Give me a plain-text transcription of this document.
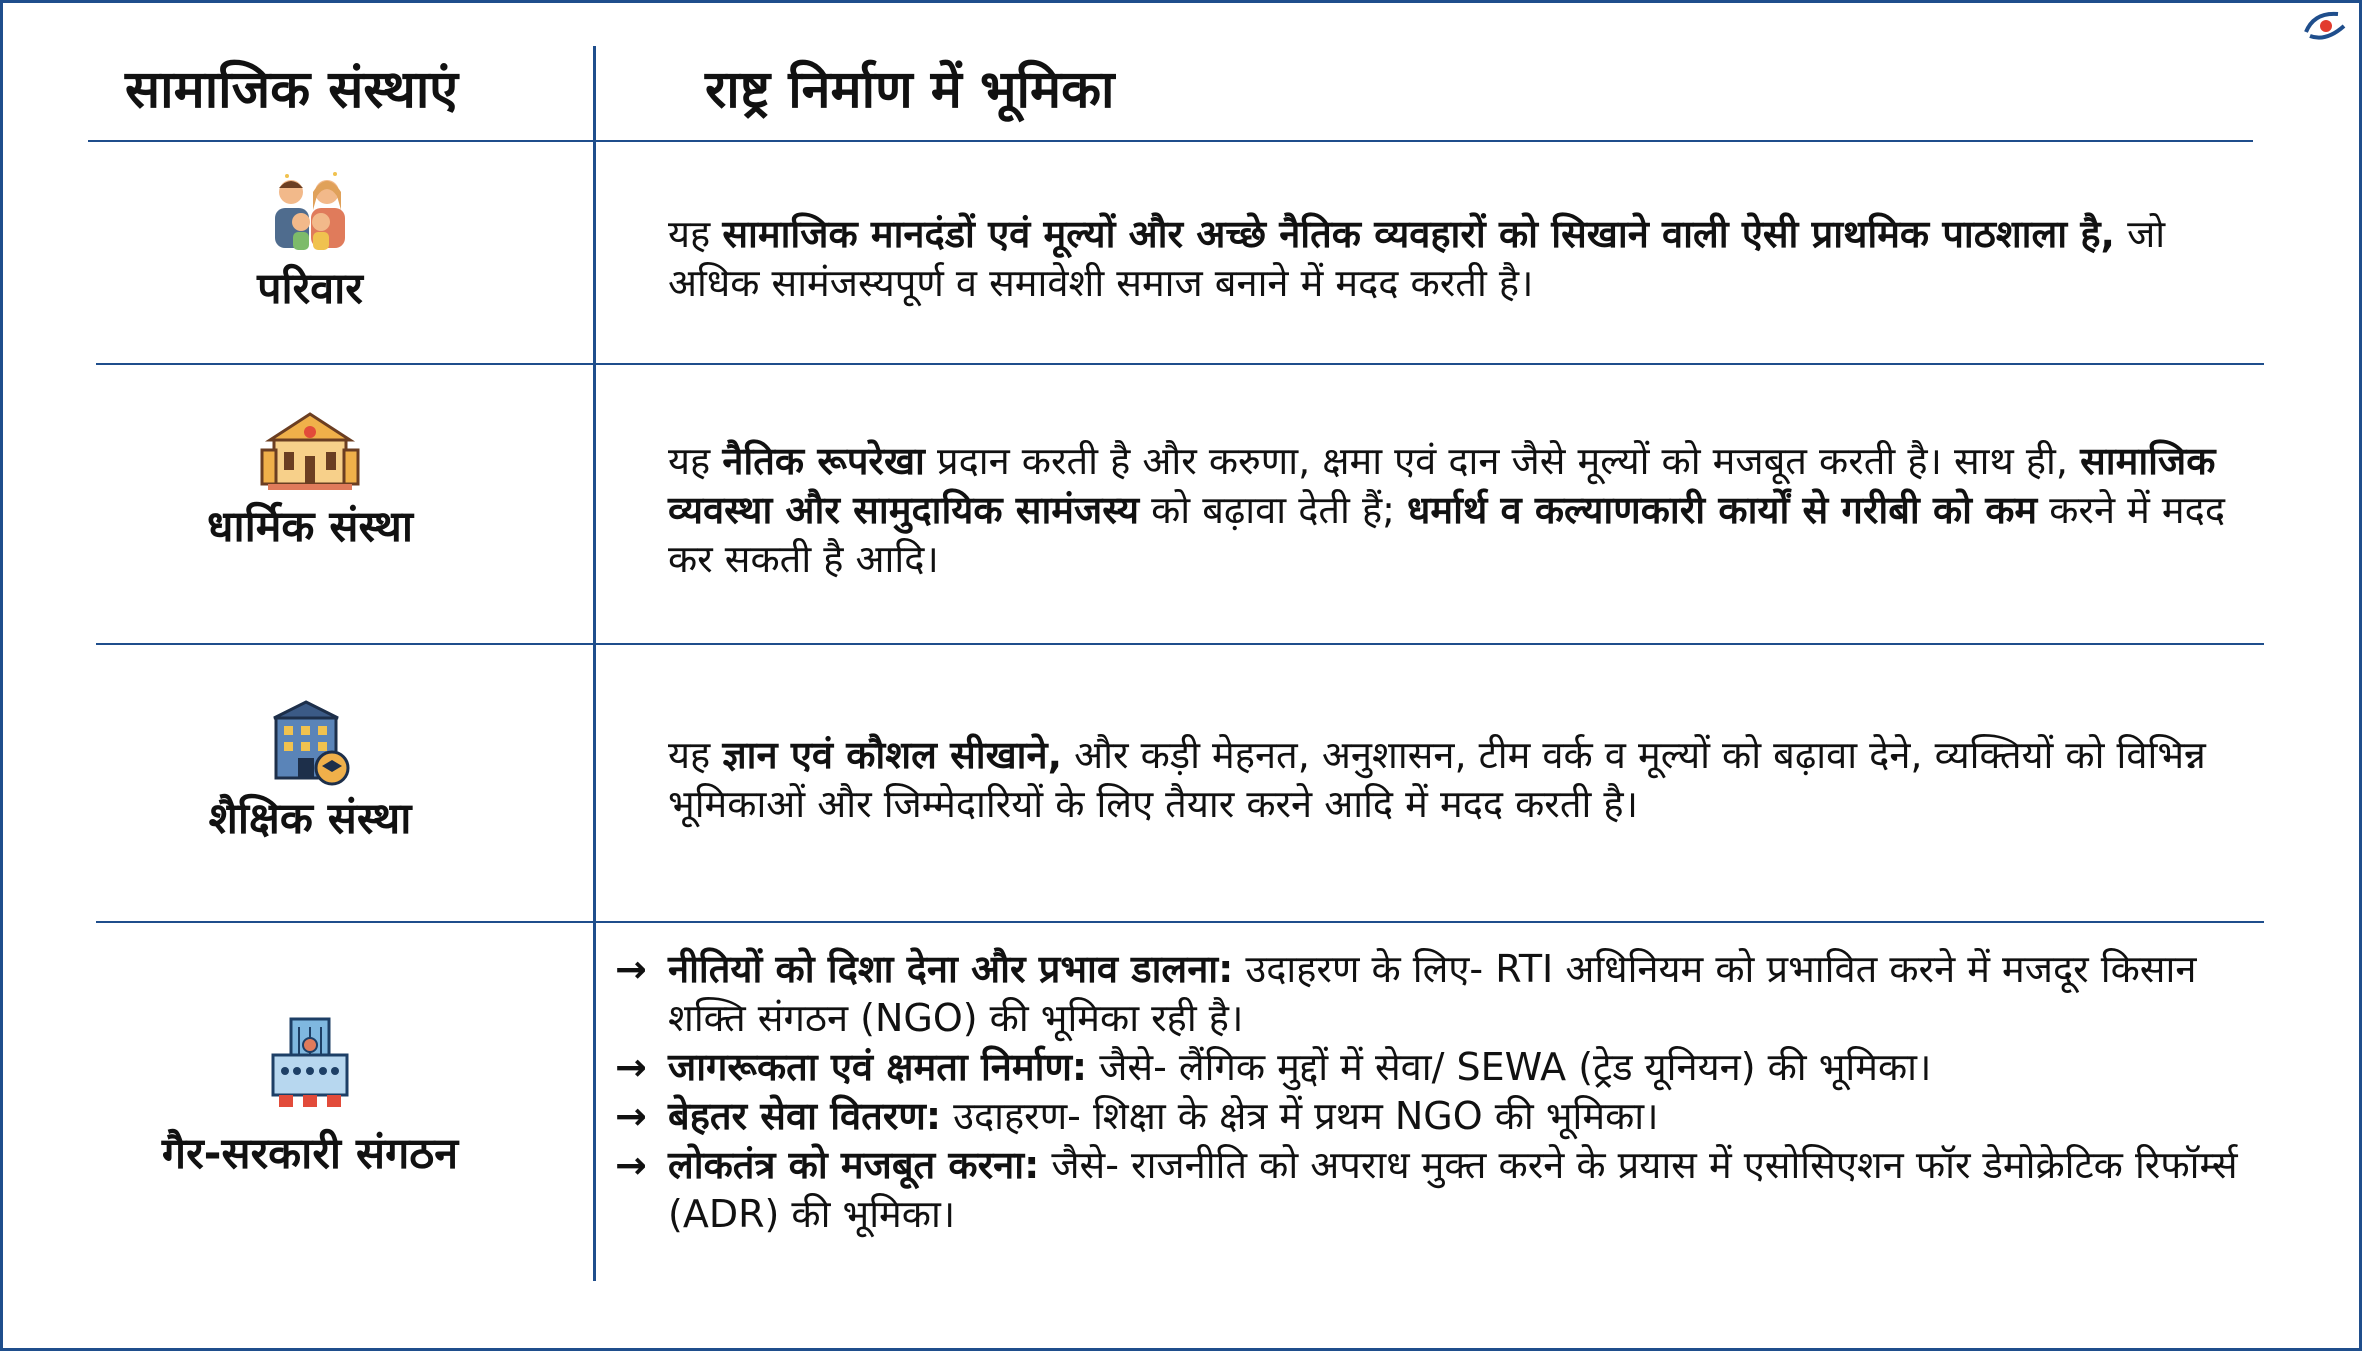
सामाजिक संस्थाएं	राष्ट्र निर्माण में भूमिका
परिवार
यह सामाजिक मानदंडों एवं मूल्यों और अच्छे नैतिक व्यवहारों को सिखाने वाली ऐसी प्राथमिक पाठशाला है, जो अधिक सामंजस्यपूर्ण व समावेशी समाज बनाने में मदद करती है।
धार्मिक संस्था
यह नैतिक रूपरेखा प्रदान करती है और करुणा, क्षमा एवं दान जैसे मूल्यों को मजबूत करती है। साथ ही, सामाजिक व्यवस्था और सामुदायिक सामंजस्य को बढ़ावा देती हैं; धर्मार्थ व कल्याणकारी कार्यों से गरीबी को कम करने में मदद कर सकती है आदि।
शैक्षिक संस्था
यह ज्ञान एवं कौशल सीखाने, और कड़ी मेहनत, अनुशासन, टीम वर्क व मूल्यों को बढ़ावा देने, व्यक्तियों को विभिन्न भूमिकाओं और जिम्मेदारियों के लिए तैयार करने आदि में मदद करती है।
गैर-सरकारी संगठन
→ नीतियों को दिशा देना और प्रभाव डालना: उदाहरण के लिए- RTI अधिनियम को प्रभावित करने में मजदूर किसान शक्ति संगठन (NGO) की भूमिका रही है।
→ जागरूकता एवं क्षमता निर्माण: जैसे- लैंगिक मुद्दों में सेवा/ SEWA (ट्रेड यूनियन) की भूमिका।
→ बेहतर सेवा वितरण: उदाहरण- शिक्षा के क्षेत्र में प्रथम NGO की भूमिका।
→ लोकतंत्र को मजबूत करना: जैसे- राजनीति को अपराध मुक्त करने के प्रयास में एसोसिएशन फॉर डेमोक्रेटिक रिफॉर्म्स (ADR) की भूमिका।
